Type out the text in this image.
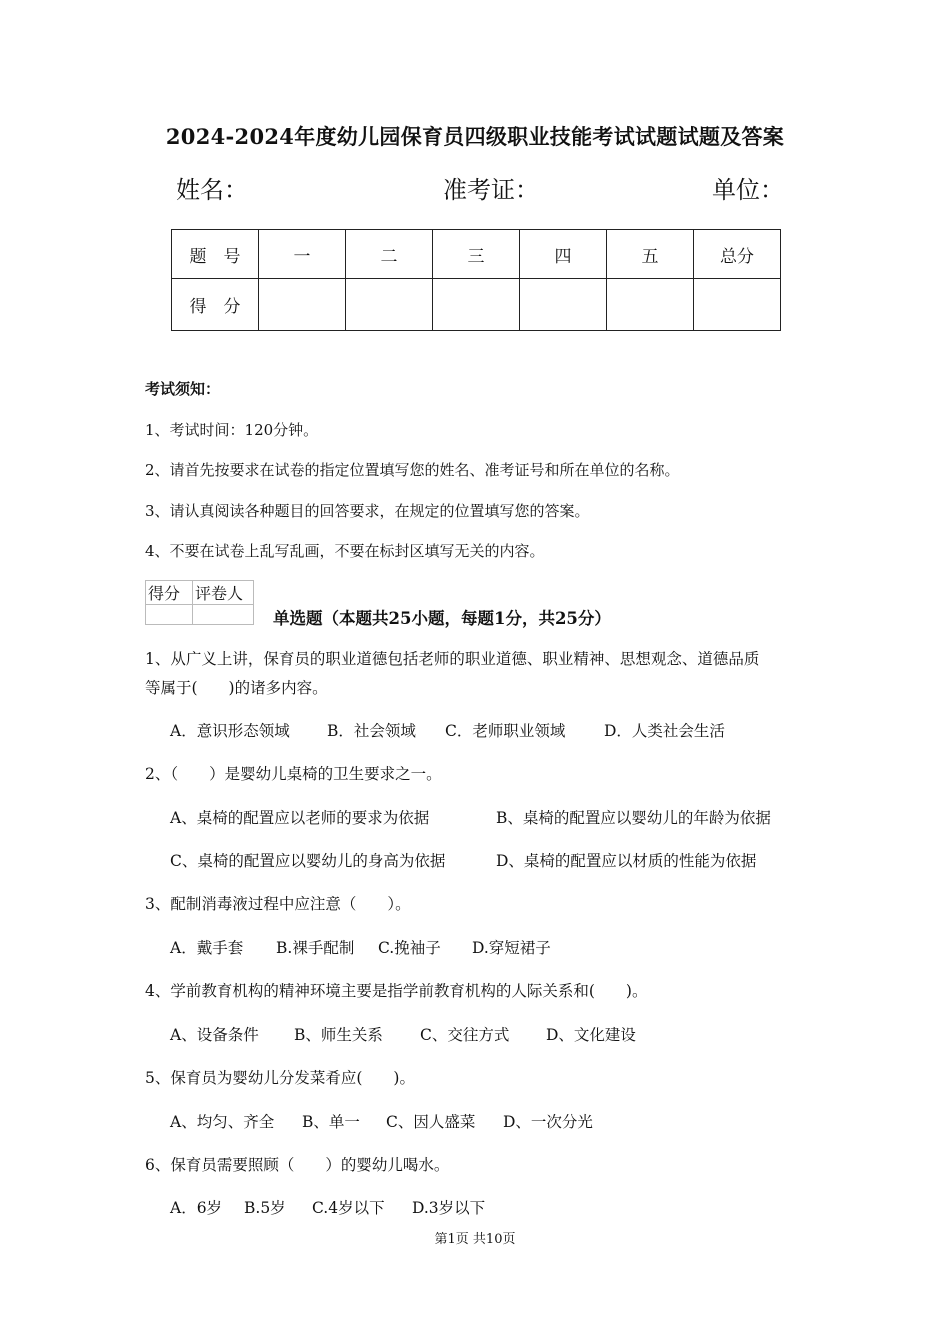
2024-2024年度幼儿园保育员四级职业技能考试试题试题及答案
姓名：	准考证：	单位：
题　号	一	二	三	四	五	总分
得　分						
考试须知：
1、考试时间：120分钟。
2、请首先按要求在试卷的指定位置填写您的姓名、准考证号和所在单位的名称。
3、请认真阅读各种题目的回答要求，在规定的位置填写您的答案。
4、不要在试卷上乱写乱画，不要在标封区填写无关的内容。
得分	评卷人

单选题（本题共25小题，每题1分，共25分）
1、从广义上讲，保育员的职业道德包括老师的职业道德、职业精神、思想观念、道德品质
等属于(　　)的诸多内容。
A．意识形态领域 B．社会领域 C．老师职业领域 D．人类社会生活
2、（　　）是婴幼儿桌椅的卫生要求之一。
A、桌椅的配置应以老师的要求为依据	B、桌椅的配置应以婴幼儿的年龄为依据
C、桌椅的配置应以婴幼儿的身高为依据	D、桌椅的配置应以材质的性能为依据
3、配制消毒液过程中应注意（　　）。
A．戴手套 B.裸手配制 C.挽袖子 D.穿短裙子
4、学前教育机构的精神环境主要是指学前教育机构的人际关系和(　　)。
A、设备条件 B、师生关系 C、交往方式 D、文化建设
5、保育员为婴幼儿分发菜肴应(　　)。
A、均匀、齐全 B、单一 C、因人盛菜 D、一次分光
6、保育员需要照顾（　　）的婴幼儿喝水。
A．6岁 B.5岁 C.4岁以下 D.3岁以下
第1页 共10页
